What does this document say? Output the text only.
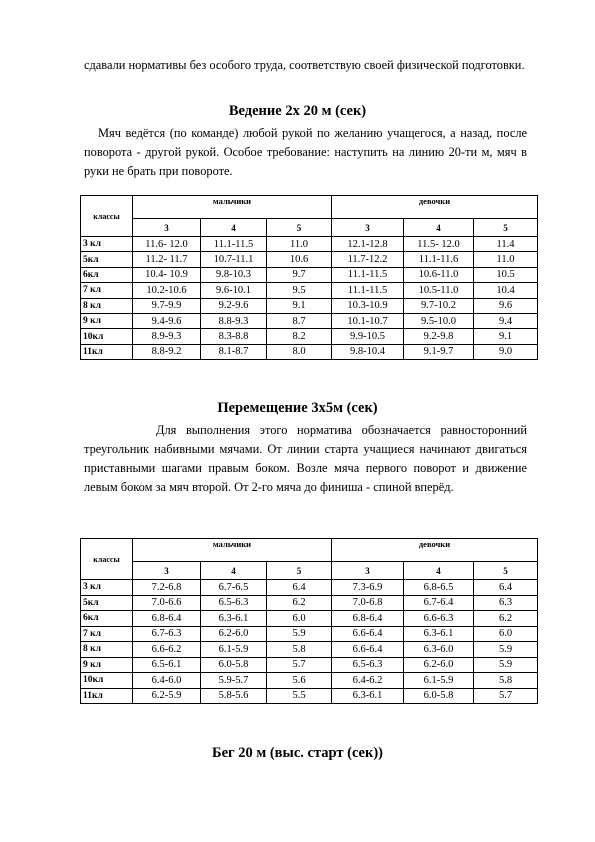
сдавали нормативы без особого труда, соответствую своей физической подготовки.

Ведение 2х 20 м (сек)

Мяч ведётся (по команде) любой рукой по желанию учащегося, а назад, после поворота - другой рукой. Особое требование: наступить на линию 20-ти м, мяч в руки не брать при повороте.

классы	мальчики			девочки		
	3	4	5	3	4	5
3 кл	11.6- 12.0	11.1-11.5	11.0	12.1-12.8	11.5- 12.0	11.4
5кл	11.2- 11.7	10.7-11.1	10.6	11.7-12.2	11.1-11.6	11.0
6кл	10.4- 10.9	9.8-10.3	9.7	11.1-11.5	10.6-11.0	10.5
7 кл	10.2-10.6	9.6-10.1	9.5	11.1-11.5	10.5-11.0	10.4
8 кл	9.7-9.9	9.2-9.6	9.1	10.3-10.9	9.7-10.2	9.6
9 кл	9.4-9.6	8.8-9.3	8.7	10.1-10.7	9.5-10.0	9.4
10кл	8.9-9.3	8.3-8.8	8.2	9.9-10.5	9.2-9.8	9.1
11кл	8.8-9.2	8.1-8.7	8.0	9.8-10.4	9.1-9.7	9.0
Перемещение 3х5м (сек)

Для выполнения этого норматива обозначается равносторонний треугольник набивными мячами. От линии старта учащиеся начинают двигаться приставными шагами правым боком. Возле мяча первого поворот и движение левым боком за мяч второй. От 2-го мяча до финиша - спиной вперёд.

классы	мальчики			девочки		
	3	4	5	3	4	5
3 кл	7.2-6.8	6.7-6.5	6.4	7.3-6.9	6.8-6.5	6.4
5кл	7.0-6.6	6.5-6.3	6.2	7.0-6.8	6.7-6.4	6.3
6кл	6.8-6.4	6.3-6.1	6.0	6.8-6.4	6.6-6.3	6.2
7 кл	6.7-6.3	6.2-6.0	5.9	6.6-6.4	6.3-6.1	6.0
8 кл	6.6-6.2	6.1-5.9	5.8	6.6-6.4	6.3-6.0	5.9
9 кл	6.5-6.1	6.0-5.8	5.7	6.5-6.3	6.2-6.0	5.9
10кл	6.4-6.0	5.9-5.7	5.6	6.4-6.2	6.1-5.9	5.8
11кл	6.2-5.9	5.8-5.6	5.5	6.3-6.1	6.0-5.8	5.7
Бег 20 м (выс. старт (сек))
